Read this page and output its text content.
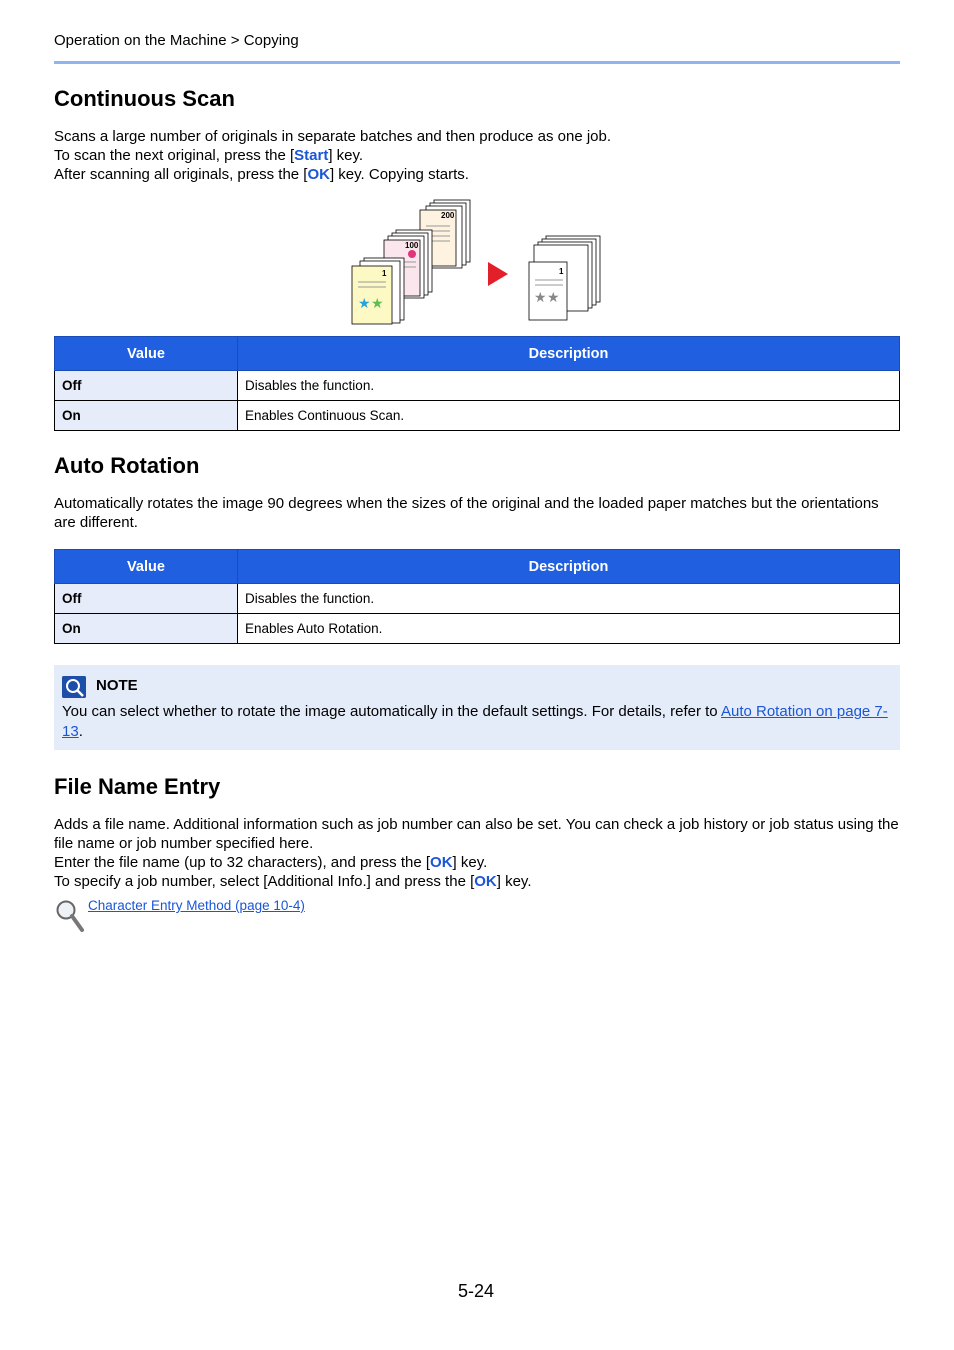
Operation on the Machine > Copying
Continuous Scan

Scans a large number of originals in separate batches and then produce as one job.

To scan the next original, press the [Start] key.

After scanning all originals, press the [OK] key. Copying starts.

200
100
1
★ ★
1
★ ★
Value	Description
Off	Disables the function.
On	Enables Continuous Scan.
Auto Rotation
Automatically rotates the image 90 degrees when the sizes of the original and the loaded paper matches but the orientations are different.
Value	Description
Off	Disables the function.
On	Enables Auto Rotation.
NOTE
You can select whether to rotate the image automatically in the default settings. For details, refer to Auto Rotation on page 7-13.
File Name Entry

Adds a file name. Additional information such as job number can also be set. You can check a job history or job status using the file name or job number specified here.

Enter the file name (up to 32 characters), and press the [OK] key.

To specify a job number, select [Additional Info.] and press the [OK] key.

Character Entry Method (page 10-4)
5-24
